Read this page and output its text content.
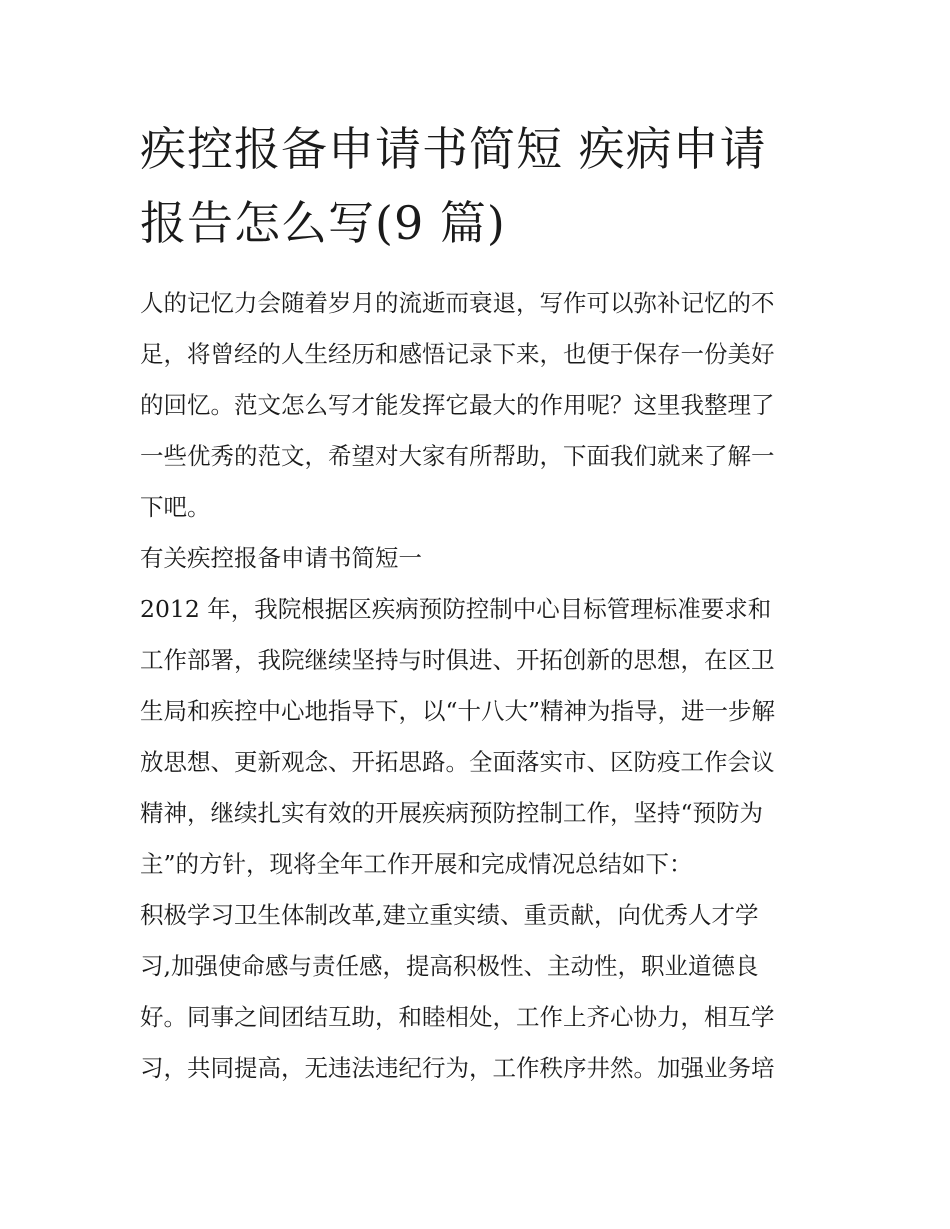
疾控报备申请书简短 疾病申请
报告怎么写(9 篇)
人的记忆力会随着岁月的流逝而衰退，写作可以弥补记忆的不
足，将曾经的人生经历和感悟记录下来，也便于保存一份美好
的回忆。范文怎么写才能发挥它最大的作用呢？这里我整理了
一些优秀的范文，希望对大家有所帮助，下面我们就来了解一
下吧。
有关疾控报备申请书简短一
2012 年，我院根据区疾病预防控制中心目标管理标准要求和
工作部署，我院继续坚持与时俱进、开拓创新的思想，在区卫
生局和疾控中心地指导下，以“十八大”精神为指导，进一步解
放思想、更新观念、开拓思路。全面落实市、区防疫工作会议
精神，继续扎实有效的开展疾病预防控制工作，坚持“预防为
主”的方针，现将全年工作开展和完成情况总结如下：
积极学习卫生体制改革,建立重实绩、重贡献，向优秀人才学
习,加强使命感与责任感，提高积极性、主动性，职业道德良
好。同事之间团结互助，和睦相处，工作上齐心协力，相互学
习，共同提高，无违法违纪行为，工作秩序井然。加强业务培
